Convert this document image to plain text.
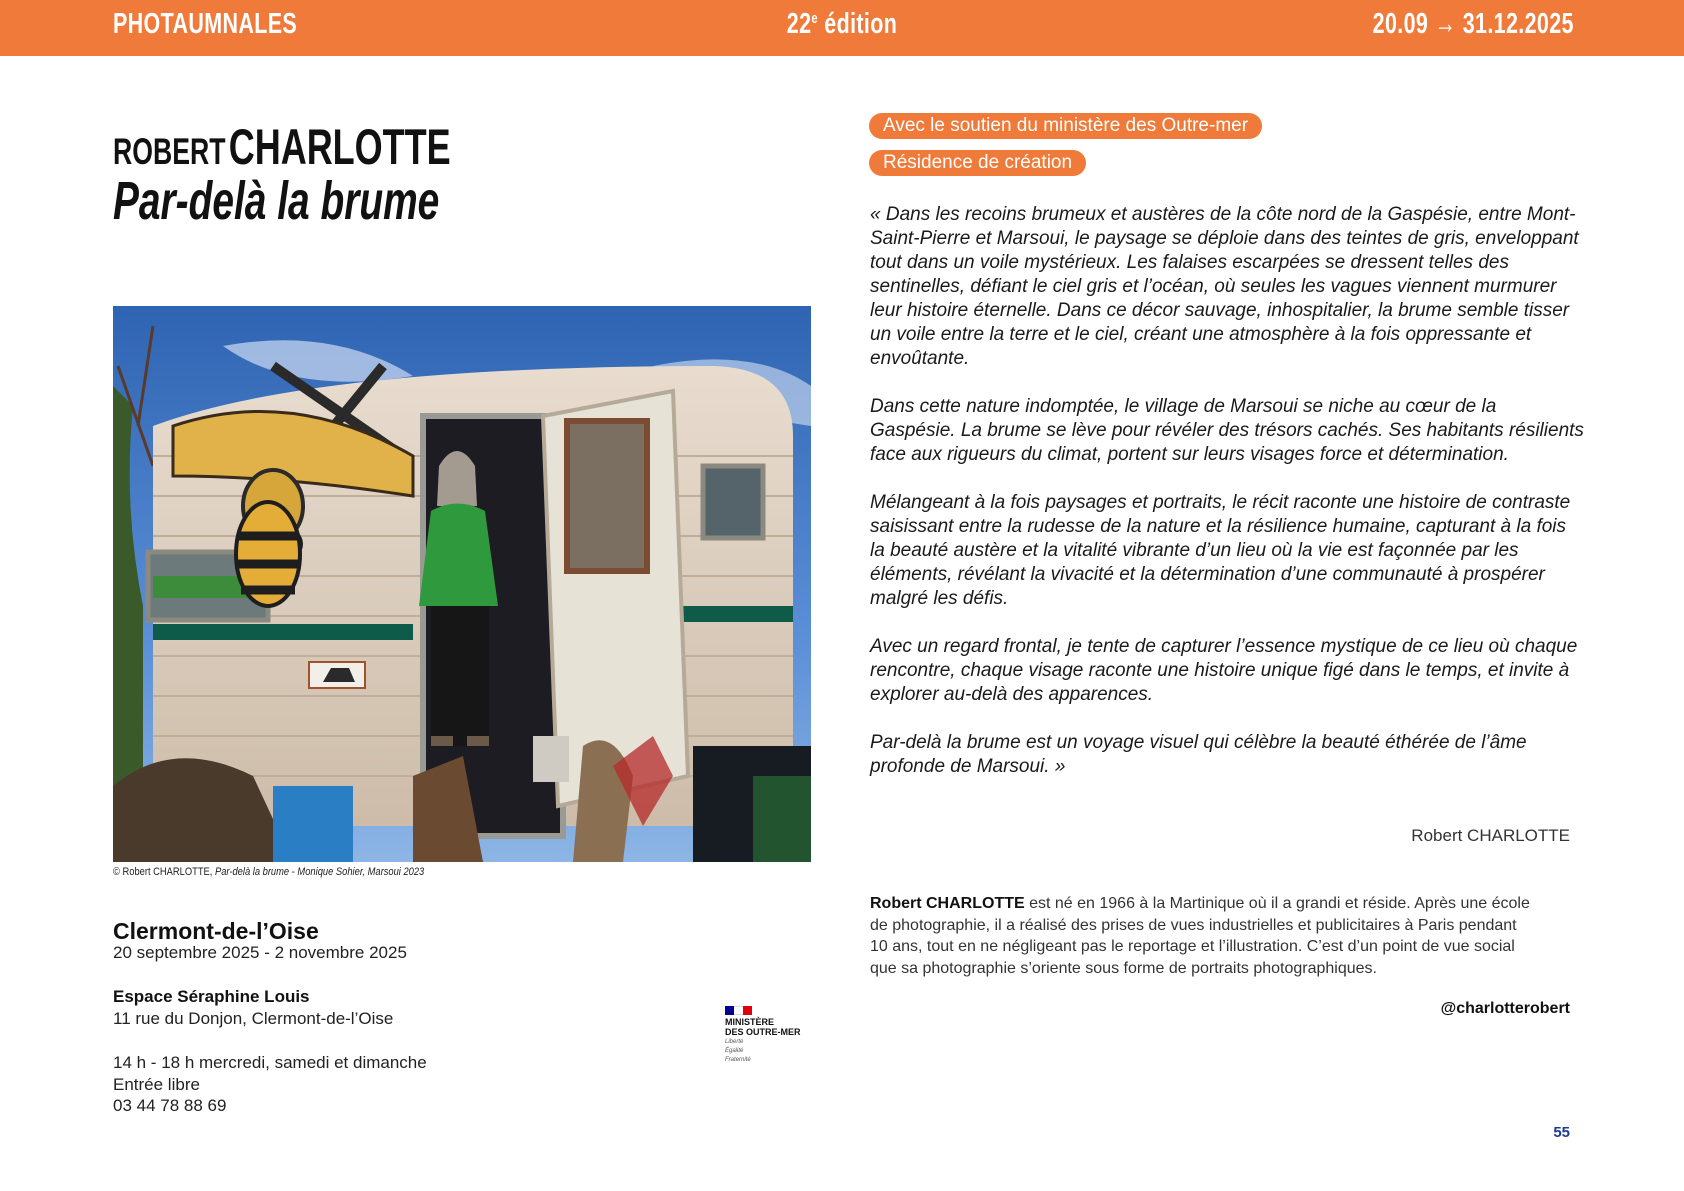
PHOTAUMNALES	22e édition	20.09 → 31.12.2025
ROBERT CHARLOTTE
Par-delà la brume
© Robert CHARLOTTE, Par-delà la brume - Monique Sohier, Marsoui 2023
Clermont-de-l’Oise
20 septembre 2025 - 2 novembre 2025
Espace Séraphine Louis
11 rue du Donjon, Clermont-de-l’Oise
14 h - 18 h mercredi, samedi et dimanche
Entrée libre
03 44 78 88 69
MINISTÈRE
DES OUTRE-MER
Liberté
Égalité
Fraternité
Avec le soutien du ministère des Outre-mer
Résidence de création

« Dans les recoins brumeux et austères de la côte nord de la Gaspésie, entre Mont-Saint-Pierre et Marsoui, le paysage se déploie dans des teintes de gris, enveloppant tout dans un voile mystérieux. Les falaises escarpées se dressent telles des sentinelles, défiant le ciel gris et l’océan, où seules les vagues viennent murmurer leur histoire éternelle. Dans ce décor sauvage, inhospitalier, la brume semble tisser un voile entre la terre et le ciel, créant une atmosphère à la fois oppressante et envoûtante.

Dans cette nature indomptée, le village de Marsoui se niche au cœur de la Gaspésie. La brume se lève pour révéler des trésors cachés. Ses habitants résilients face aux rigueurs du climat, portent sur leurs visages force et détermination.

Mélangeant à la fois paysages et portraits, le récit raconte une histoire de contraste saisissant entre la rudesse de la nature et la résilience humaine, capturant à la fois la beauté austère et la vitalité vibrante d’un lieu où la vie est façonnée par les éléments, révélant la vivacité et la détermination d’une communauté à prospérer malgré les défis.

Avec un regard frontal, je tente de capturer l’essence mystique de ce lieu où chaque rencontre, chaque visage raconte une histoire unique figé dans le temps, et invite à explorer au-delà des apparences.

Par-delà la brume est un voyage visuel qui célèbre la beauté éthérée de l’âme profonde de Marsoui. »

Robert CHARLOTTE
Robert CHARLOTTE est né en 1966 à la Martinique où il a grandi et réside. Après une école de photographie, il a réalisé des prises de vues industrielles et publicitaires à Paris pendant 10 ans, tout en ne négligeant pas le reportage et l’illustration. C’est d’un point de vue social que sa photographie s’oriente sous forme de portraits photographiques.
@charlotterobert
55
